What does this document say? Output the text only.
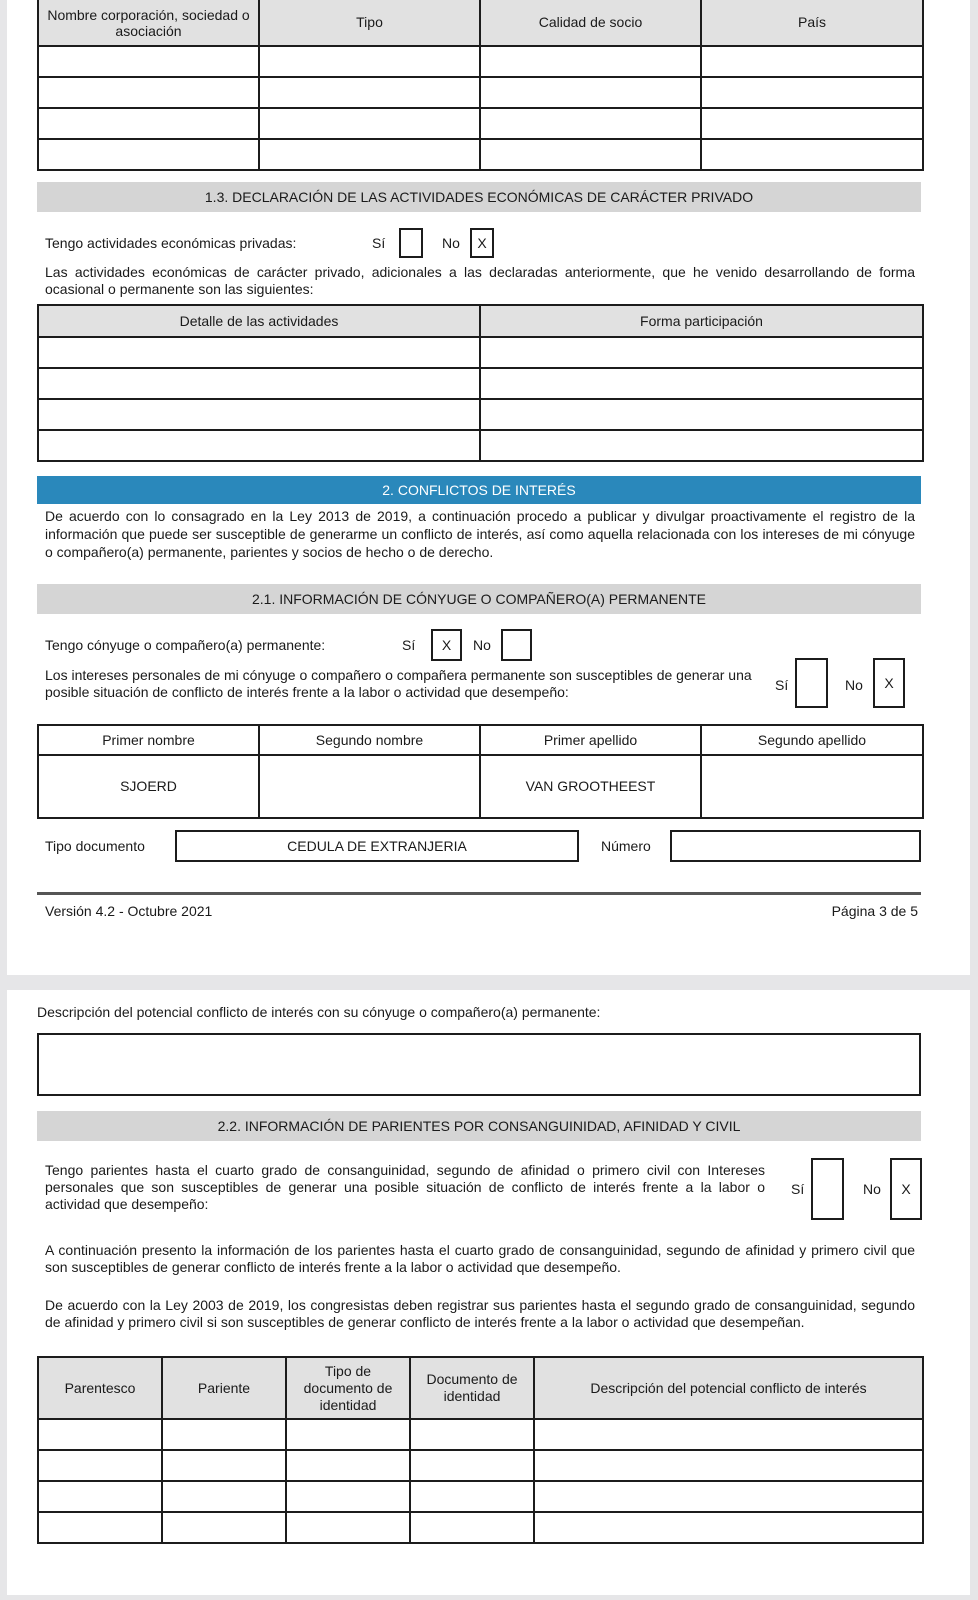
Nombre corporación, sociedad o asociación	Tipo	Calidad de socio	País

1.3. DECLARACIÓN DE LAS ACTIVIDADES ECONÓMICAS DE CARÁCTER PRIVADO
Tengo actividades económicas privadas:	Sí	No	X
Las actividades económicas de carácter privado, adicionales a las declaradas anteriormente, que he venido desarrollando de forma ocasional o permanente son las siguientes:
Detalle de las actividades	Forma participación

2. CONFLICTOS DE INTERÉS
De acuerdo con lo consagrado en la Ley 2013 de 2019, a continuación procedo a publicar y divulgar proactivamente el registro de la información que puede ser susceptible de generarme un conflicto de interés, así como aquella relacionada con los intereses de mi cónyuge o compañero(a) permanente, parientes y socios de hecho o de derecho.
2.1. INFORMACIÓN DE CÓNYUGE O COMPAÑERO(A) PERMANENTE
Tengo cónyuge o compañero(a) permanente:	Sí	X	No
Los intereses personales de mi cónyuge o compañero o compañera permanente son susceptibles de generar una posible situación de conflicto de interés frente a la labor o actividad que desempeño:	Sí	No	X
Primer nombre	Segundo nombre	Primer apellido	Segundo apellido
SJOERD		VAN GROOTHEEST	
Tipo documento	CEDULA DE EXTRANJERIA	Número
Versión 4.2 - Octubre 2021	Página 3 de 5
Descripción del potencial conflicto de interés con su cónyuge o compañero(a) permanente:
2.2. INFORMACIÓN DE PARIENTES POR CONSANGUINIDAD, AFINIDAD Y CIVIL
Tengo parientes hasta el cuarto grado de consanguinidad, segundo de afinidad o primero civil con Intereses personales que son susceptibles de generar una posible situación de conflicto de interés frente a la labor o actividad que desempeño:
Sí	No	X
A continuación presento la información de los parientes hasta el cuarto grado de consanguinidad, segundo de afinidad y primero civil que son susceptibles de generar conflicto de interés frente a la labor o actividad que desempeño.
De acuerdo con la Ley 2003 de 2019, los congresistas deben registrar sus parientes hasta el segundo grado de consanguinidad, segundo de afinidad y primero civil si son susceptibles de generar conflicto de interés frente a la labor o actividad que desempeñan.
Parentesco	Pariente	Tipo de documento de identidad	Documento de identidad	Descripción del potencial conflicto de interés
